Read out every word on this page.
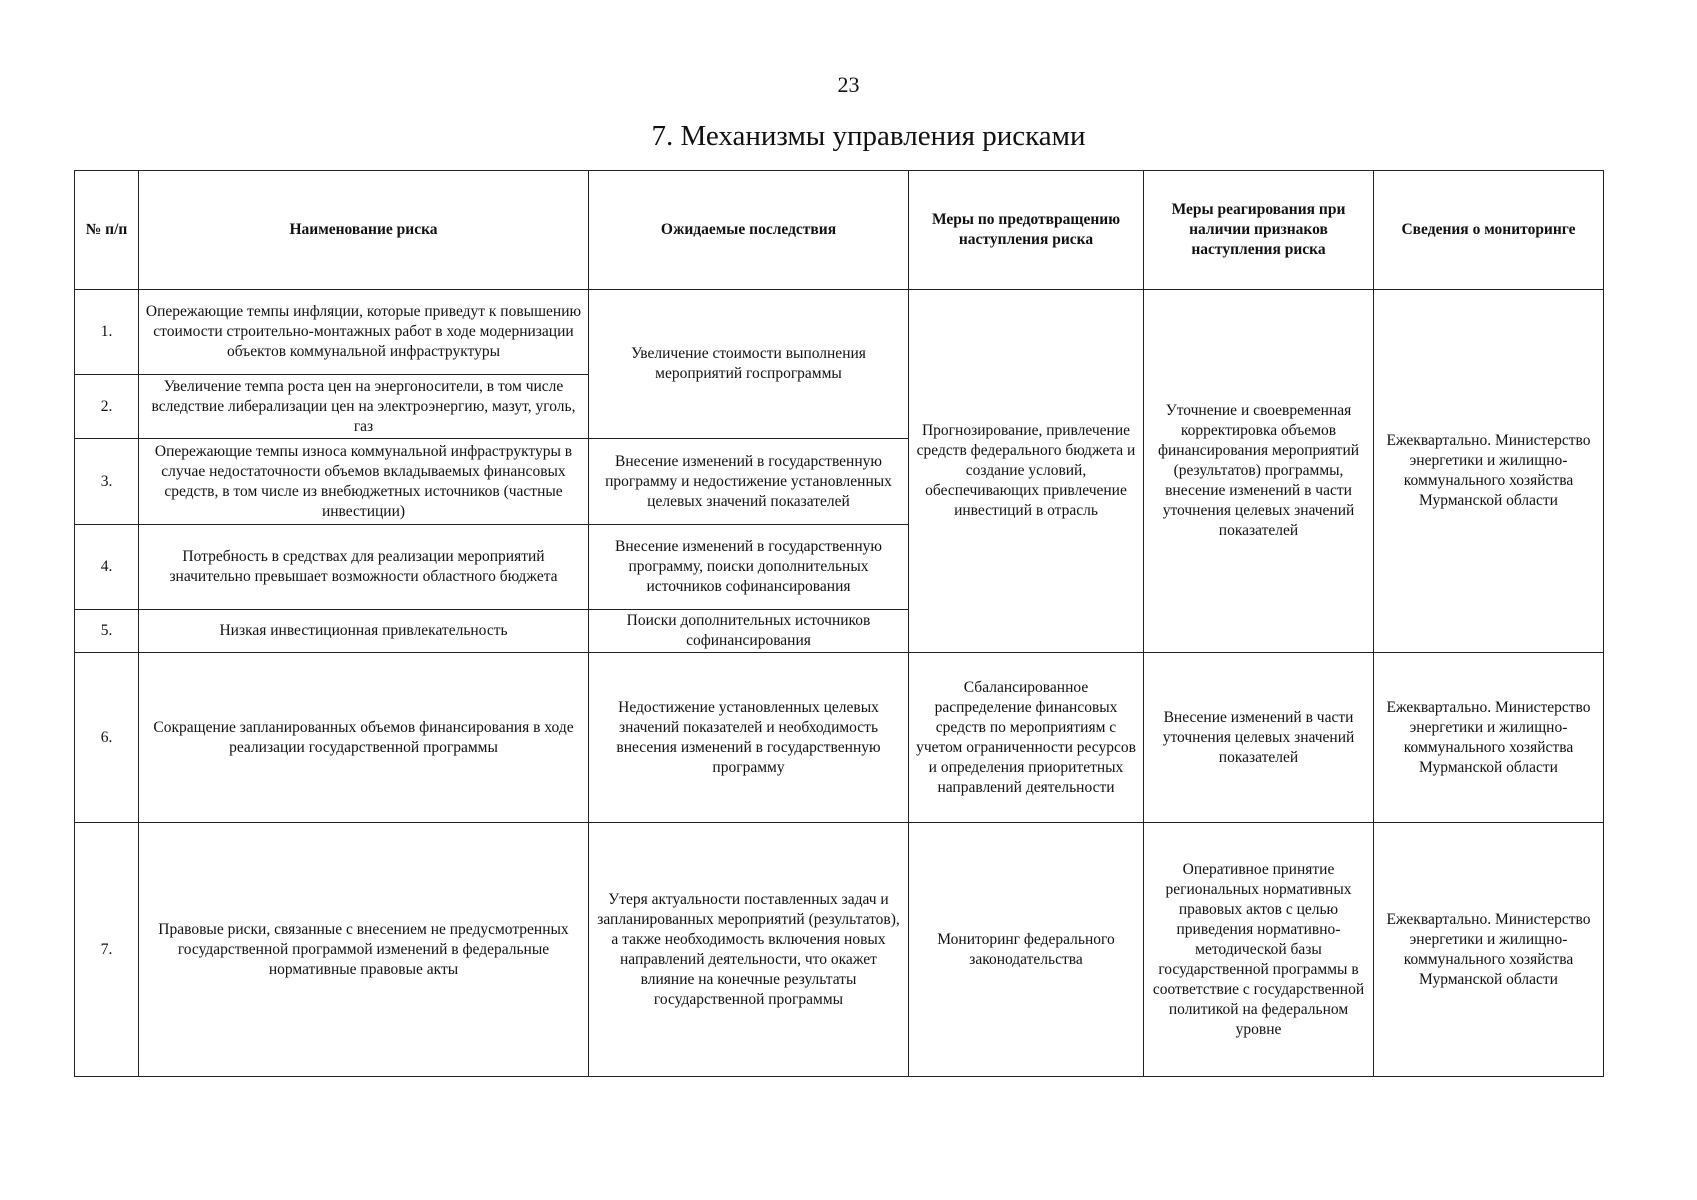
23
7. Механизмы управления рисками
№ п/п	Наименование риска	Ожидаемые последствия	Меры по предотвращению наступления риска	Меры реагирования при наличии признаков наступления риска	Сведения о мониторинге
1.	Опережающие темпы инфляции, которые приведут к повышению стоимости строительно-монтажных работ в ходе модернизации объектов коммунальной инфраструктуры	Увеличение стоимости выполнения мероприятий госпрограммы	Прогнозирование, привлечение средств федерального бюджета и создание условий, обеспечивающих привлечение инвестиций в отрасль	Уточнение и своевременная корректировка объемов финансирования мероприятий (результатов) программы, внесение изменений в части уточнения целевых значений показателей	Ежеквартально. Министерство энергетики и жилищно-коммунального хозяйства Мурманской области
2.	Увеличение темпа роста цен на энергоносители, в том числе вследствие либерализации цен на электроэнергию, мазут, уголь, газ				
3.	Опережающие темпы износа коммунальной инфраструктуры в случае недостаточности объемов вкладываемых финансовых средств, в том числе из внебюджетных источников (частные инвестиции)	Внесение изменений в государственную программу и недостижение установленных целевых значений показателей			
4.	Потребность в средствах для реализации мероприятий значительно превышает возможности областного бюджета	Внесение изменений в государственную программу, поиски дополнительных источников софинансирования			
5.	Низкая инвестиционная привлекательность	Поиски дополнительных источников софинансирования			
6.	Сокращение запланированных объемов финансирования в ходе реализации государственной программы	Недостижение установленных целевых значений показателей и необходимость внесения изменений в государственную программу	Сбалансированное распределение финансовых средств по мероприятиям с учетом ограниченности ресурсов и определения приоритетных направлений деятельности	Внесение изменений в части уточнения целевых значений показателей	Ежеквартально. Министерство энергетики и жилищно-коммунального хозяйства Мурманской области
7.	Правовые риски, связанные с внесением не предусмотренных государственной программой изменений в федеральные нормативные правовые акты	Утеря актуальности поставленных задач и запланированных мероприятий (результатов), а также необходимость включения новых направлений деятельности, что окажет влияние на конечные результаты государственной программы	Мониторинг федерального законодательства	Оперативное принятие региональных нормативных правовых актов с целью приведения нормативно-методической базы государственной программы в соответствие с государственной политикой на федеральном уровне	Ежеквартально. Министерство энергетики и жилищно-коммунального хозяйства Мурманской области
